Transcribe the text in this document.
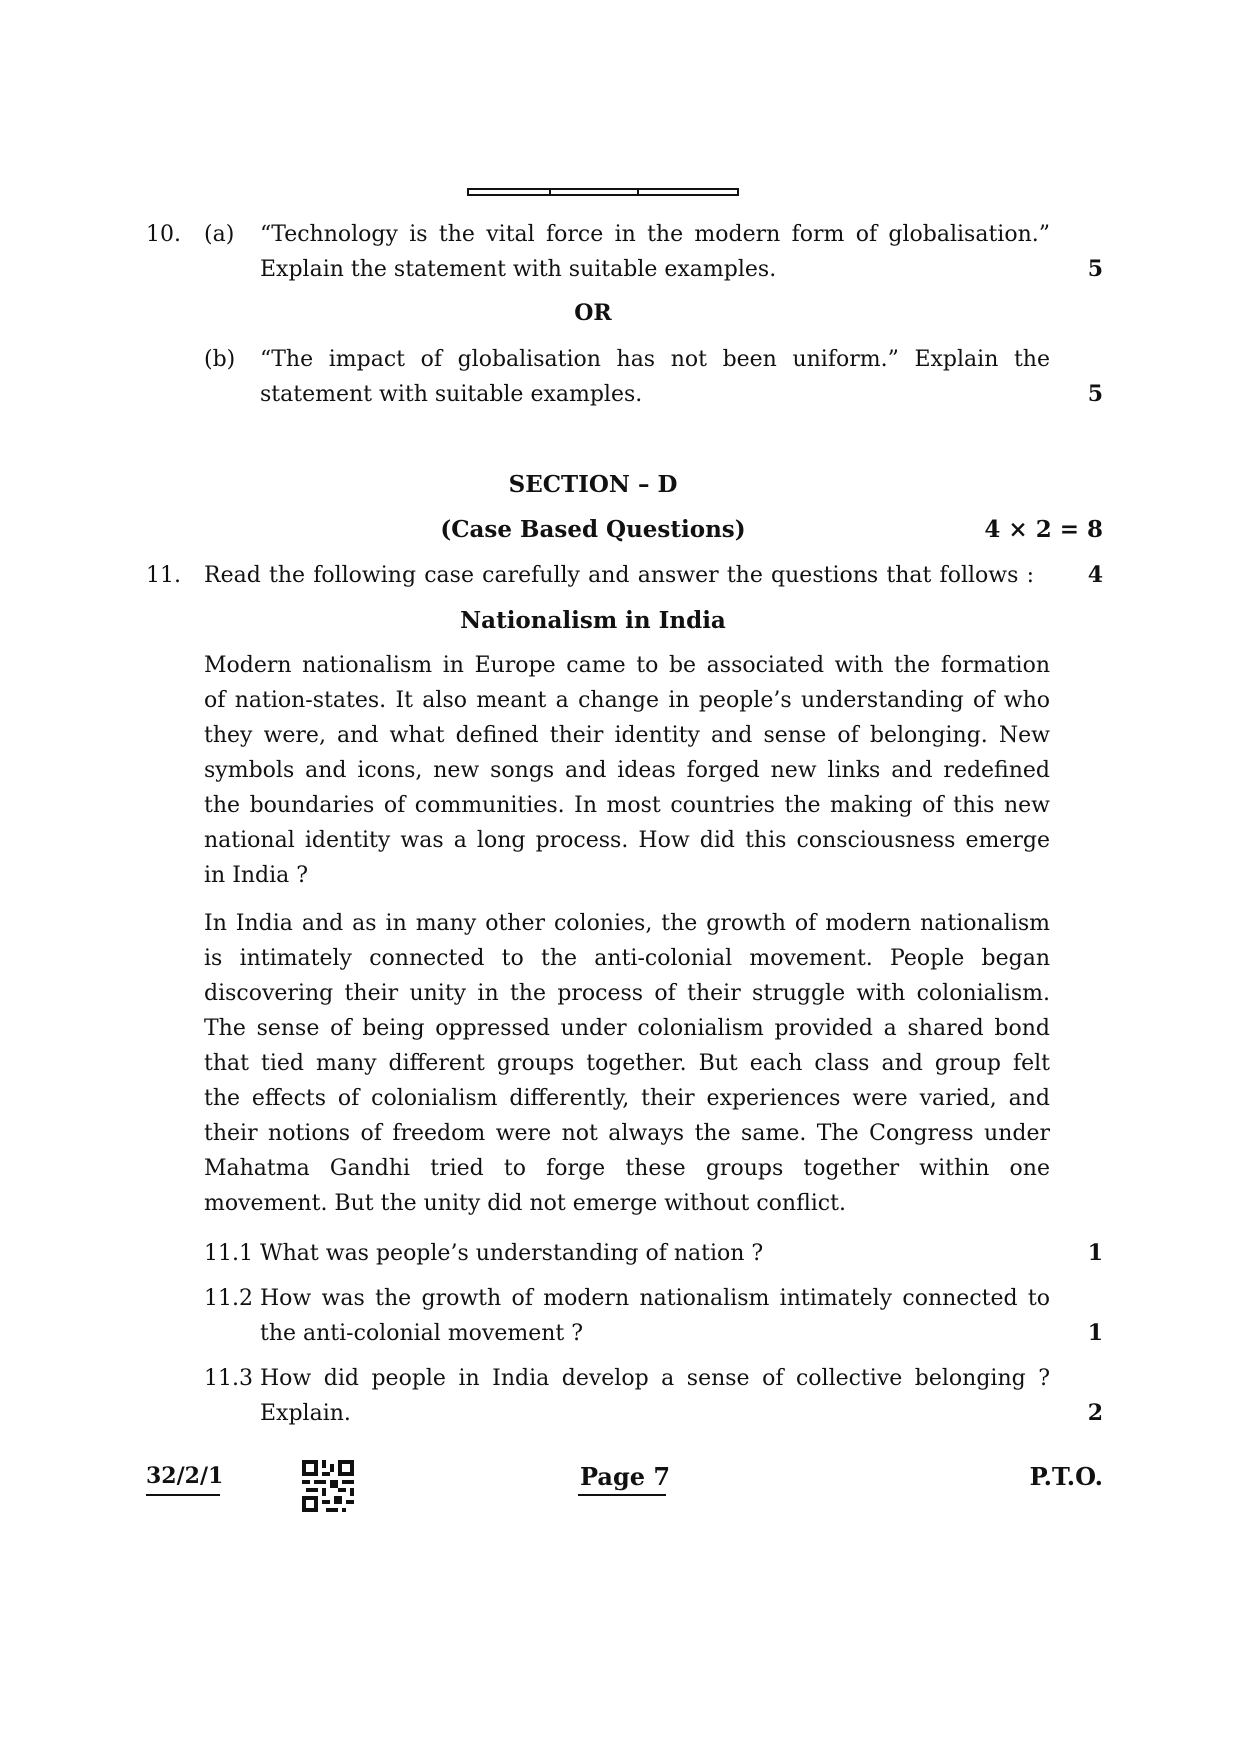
10. (a) “Technology is the vital force in the modern form of globalisation.”
Explain the statement with suitable examples.	5
OR
(b) “The impact of globalisation has not been uniform.” Explain the
statement with suitable examples.	5
SECTION – D
(Case Based Questions)	4 × 2 = 8
11. Read the following case carefully and answer the questions that follows : 4
Nationalism in India

Modern nationalism in Europe came to be associated with the formation

of nation-states. It also meant a change in people’s understanding of who

they were, and what defined their identity and sense of belonging. New

symbols and icons, new songs and ideas forged new links and redefined

the boundaries of communities. In most countries the making of this new

national identity was a long process. How did this consciousness emerge

in India ?

In India and as in many other colonies, the growth of modern nationalism

is intimately connected to the anti-colonial movement. People began

discovering their unity in the process of their struggle with colonialism.

The sense of being oppressed under colonialism provided a shared bond

that tied many different groups together. But each class and group felt

the effects of colonialism differently, their experiences were varied, and

their notions of freedom were not always the same. The Congress under

Mahatma Gandhi tried to forge these groups together within one

movement. But the unity did not emerge without conflict.

11.1 What was people’s understanding of nation ?	1
11.2 How was the growth of modern nationalism intimately connected to
the anti-colonial movement ?	1
11.3 How did people in India develop a sense of collective belonging ?
Explain.	2
32/2/1	Page 7	P.T.O.
